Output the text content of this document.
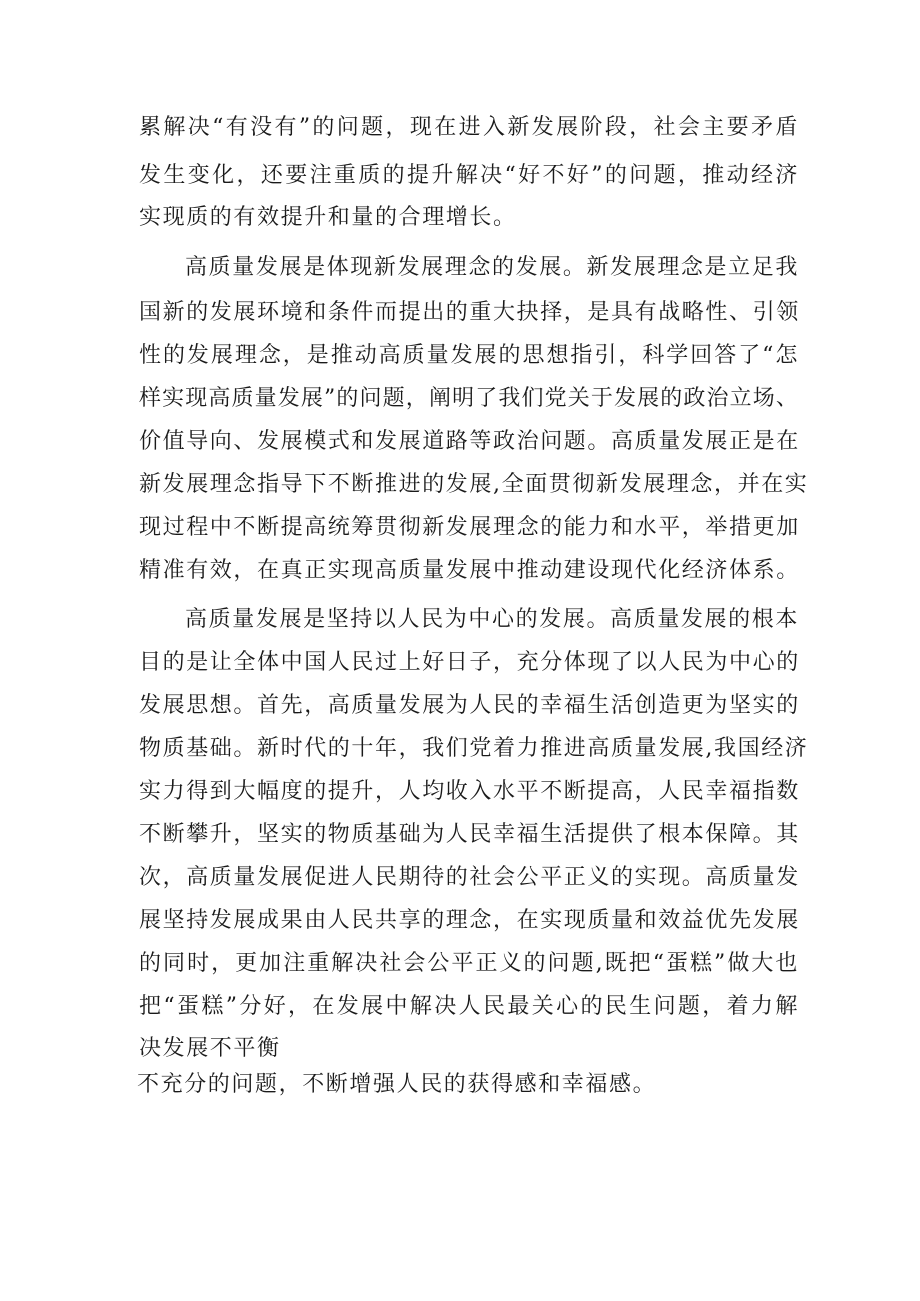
累解决“有没有”的问题，现在进入新发展阶段，社会主要矛盾
发生变化，还要注重质的提升解决“好不好”的问题，推动经济
实现质的有效提升和量的合理增长。
高质量发展是体现新发展理念的发展。新发展理念是立足我
国新的发展环境和条件而提出的重大抉择，是具有战略性、引领
性的发展理念，是推动高质量发展的思想指引，科学回答了“怎
样实现高质量发展”的问题，阐明了我们党关于发展的政治立场、
价值导向、发展模式和发展道路等政治问题。高质量发展正是在
新发展理念指导下不断推进的发展,全面贯彻新发展理念，并在实
现过程中不断提高统筹贯彻新发展理念的能力和水平，举措更加
精准有效，在真正实现高质量发展中推动建设现代化经济体系。
高质量发展是坚持以人民为中心的发展。高质量发展的根本
目的是让全体中国人民过上好日子，充分体现了以人民为中心的
发展思想。首先，高质量发展为人民的幸福生活创造更为坚实的
物质基础。新时代的十年，我们党着力推进高质量发展,我国经济
实力得到大幅度的提升，人均收入水平不断提高，人民幸福指数
不断攀升，坚实的物质基础为人民幸福生活提供了根本保障。其
次，高质量发展促进人民期待的社会公平正义的实现。高质量发
展坚持发展成果由人民共享的理念，在实现质量和效益优先发展
的同时，更加注重解决社会公平正义的问题,既把“蛋糕”做大也
把“蛋糕”分好，在发展中解决人民最关心的民生问题，着力解
决发展不平衡
不充分的问题，不断增强人民的获得感和幸福感。
